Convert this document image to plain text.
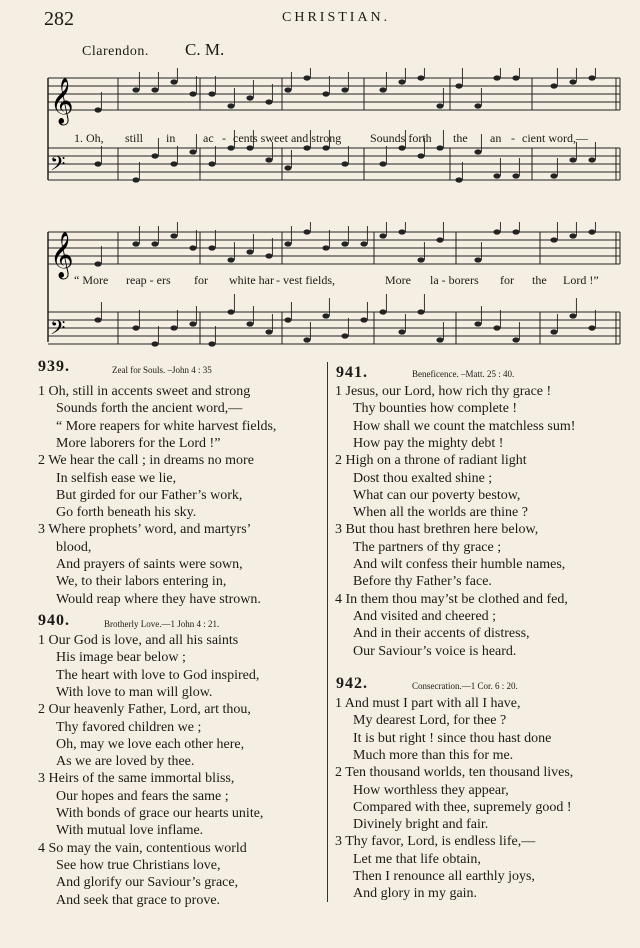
282	CHRISTIAN.
Clarendon. C. M.
𝄞
𝄢
𝄞
𝄢
1. Oh, still in ac - cents sweet and strong Sounds forth the an - cient word,—
“ More reap - ers for white har - vest fields,	More la - borers for the Lord !”
939.	Zeal for Souls. –John 4 : 35
1 Oh, still in accents sweet and strong
Sounds forth the ancient word,—
“ More reapers for white harvest fields,
More laborers for the Lord !”
2 We hear the call ; in dreams no more
In selfish ease we lie,
But girded for our Father’s work,
Go forth beneath his sky.
3 Where prophets’ word, and martyrs’
blood,
And prayers of saints were sown,
We, to their labors entering in,
Would reap where they have strown.
940.	Brotherly Love.—1 John 4 : 21.
1 Our God is love, and all his saints
His image bear below ;
The heart with love to God inspired,
With love to man will glow.
2 Our heavenly Father, Lord, art thou,
Thy favored children we ;
Oh, may we love each other here,
As we are loved by thee.
3 Heirs of the same immortal bliss,
Our hopes and fears the same ;
With bonds of grace our hearts unite,
With mutual love inflame.
4 So may the vain, contentious world
See how true Christians love,
And glorify our Saviour’s grace,
And seek that grace to prove.
941.	Beneficence. –Matt. 25 : 40.
1 Jesus, our Lord, how rich thy grace !
Thy bounties how complete !
How shall we count the matchless sum!
How pay the mighty debt !
2 High on a throne of radiant light
Dost thou exalted shine ;
What can our poverty bestow,
When all the worlds are thine ?
3 But thou hast brethren here below,
The partners of thy grace ;
And wilt confess their humble names,
Before thy Father’s face.
4 In them thou may’st be clothed and fed,
And visited and cheered ;
And in their accents of distress,
Our Saviour’s voice is heard.
942.	Consecration.—1 Cor. 6 : 20.
1 And must I part with all I have,
My dearest Lord, for thee ?
It is but right ! since thou hast done
Much more than this for me.
2 Ten thousand worlds, ten thousand lives,
How worthless they appear,
Compared with thee, supremely good !
Divinely bright and fair.
3 Thy favor, Lord, is endless life,—
Let me that life obtain,
Then I renounce all earthly joys,
And glory in my gain.
